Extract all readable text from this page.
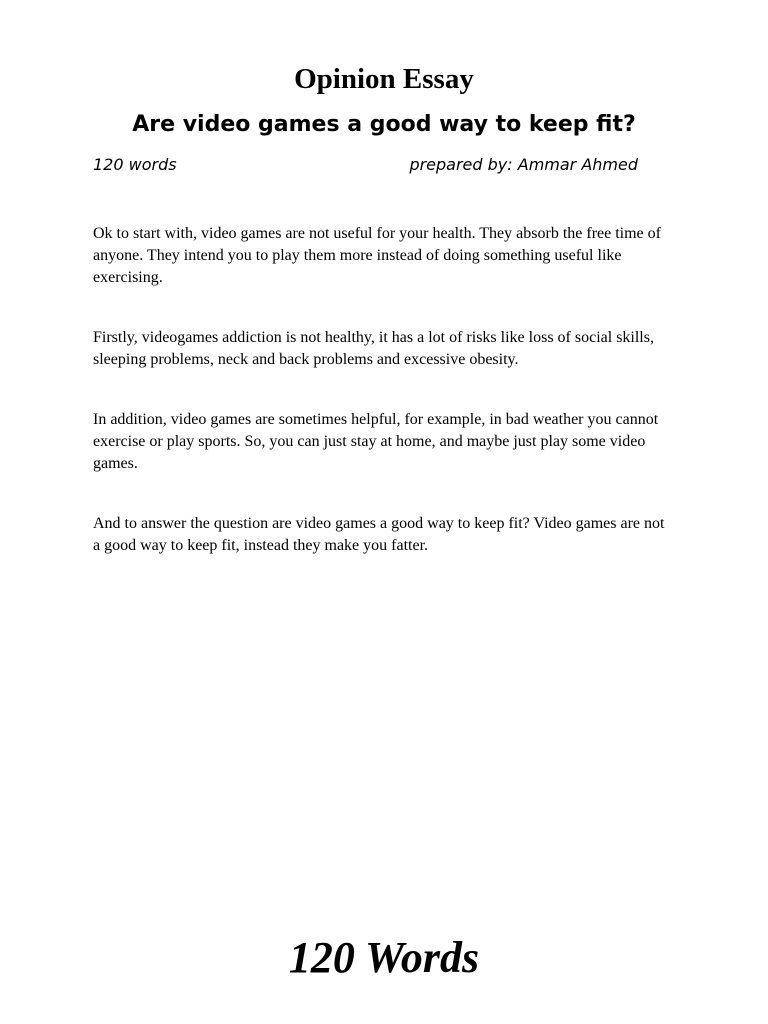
Opinion Essay
Are video games a good way to keep fit?
120 words	prepared by: Ammar Ahmed

Ok to start with, video games are not useful for your health. They absorb the free time of anyone. They intend you to play them more instead of doing something useful like exercising.

Firstly, videogames addiction is not healthy, it has a lot of risks like loss of social skills, sleeping problems, neck and back problems and excessive obesity.

In addition, video games are sometimes helpful, for example, in bad weather you cannot exercise or play sports. So, you can just stay at home, and maybe just play some video games.

And to answer the question are video games a good way to keep fit? Video games are not a good way to keep fit, instead they make you fatter.

120 Words
